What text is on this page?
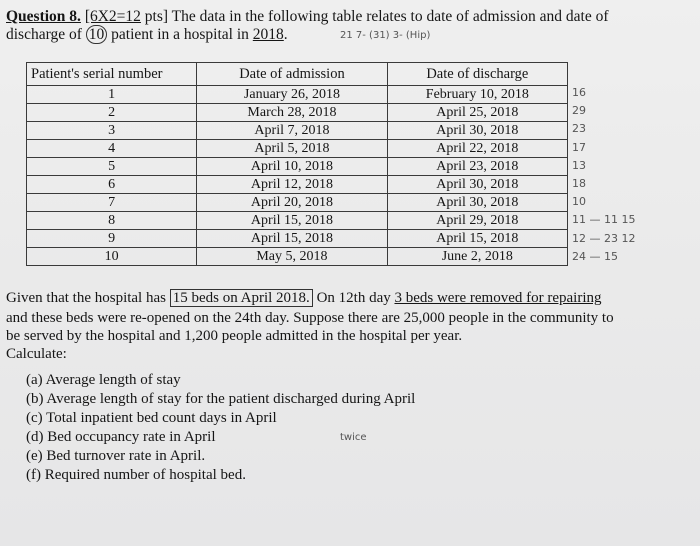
Question 8. [6X2=12 pts] The data in the following table relates to date of admission and date of
discharge of 10 patient in a hospital in 2018.	21 7- (31) 3- (Hip)
Patient's serial number	Date of admission	Date of discharge
1	January 26, 2018	February 10, 2018
2	March 28, 2018	April 25, 2018
3	April 7, 2018	April 30, 2018
4	April 5, 2018	April 22, 2018
5	April 10, 2018	April 23, 2018
6	April 12, 2018	April 30, 2018
7	April 20, 2018	April 30, 2018
8	April 15, 2018	April 29, 2018
9	April 15, 2018	April 15, 2018
10	May 5, 2018	June 2, 2018
16
29
23
17
13
18
10
11 — 11 15
12 — 23 12
24 — 15
Given that the hospital has 15 beds on April 2018. On 12th day 3 beds were removed for repairing
and these beds were re-opened on the 24th day. Suppose there are 25,000 people in the community to
be served by the hospital and 1,200 people admitted in the hospital per year.
Calculate:
(a) Average length of stay
(b) Average length of stay for the patient discharged during April
(c) Total inpatient bed count days in April
(d) Bed occupancy rate in April
(e) Bed turnover rate in April.
(f) Required number of hospital bed.
twice
